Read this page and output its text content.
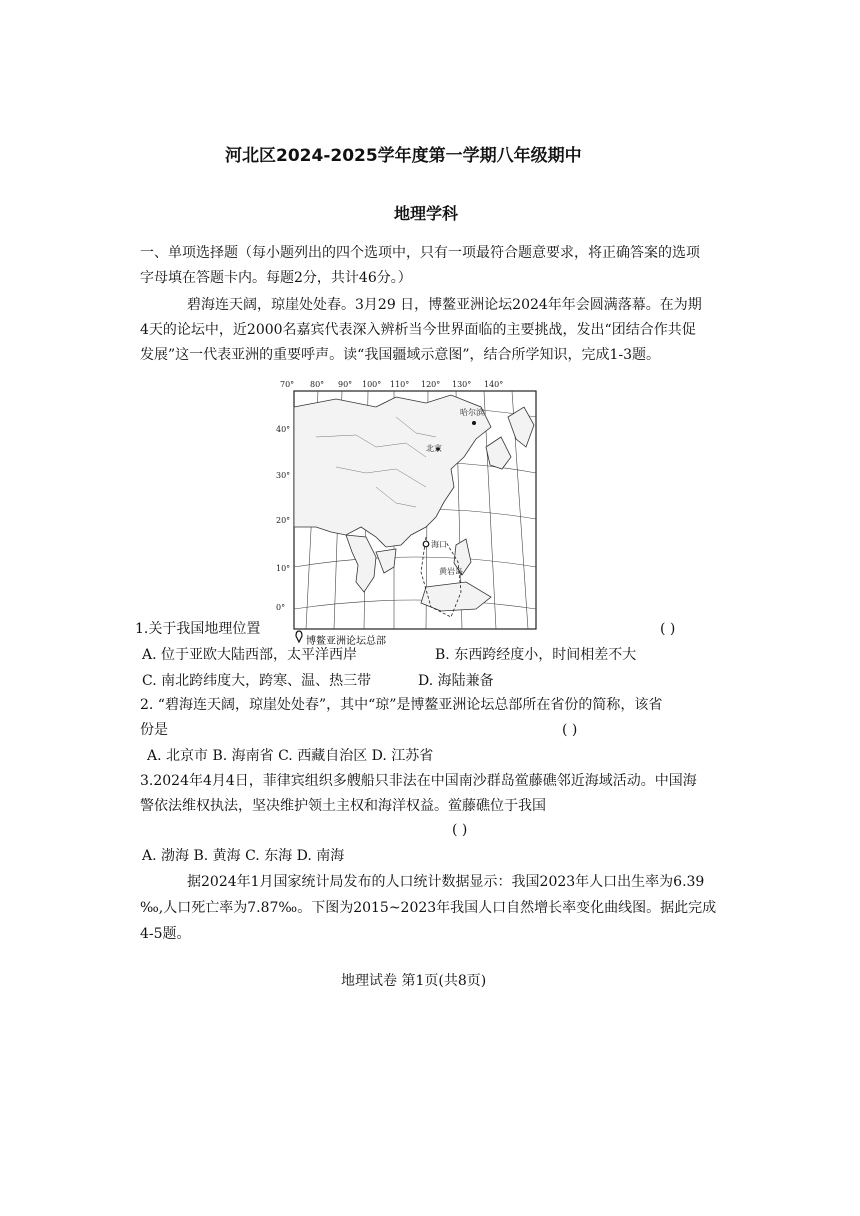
河北区2024-2025学年度第一学期八年级期中
地理学科
一、单项选择题（每小题列出的四个选项中，只有一项最符合题意要求，将正确答案的选项
字母填在答题卡内。每题2分，共计46分。）
碧海连天阔，琼崖处处春。3月29 日，博鳌亚洲论坛2024年年会圆满落幕。在为期
4天的论坛中，近2000名嘉宾代表深入辨析当今世界面临的主要挑战，发出“团结合作共促
发展”这一代表亚洲的重要呼声。读“我国疆域示意图”，结合所学知识，完成1-3题。
70° 80° 90° 100° 110° 120° 130° 140°
40°
30°
20°
10°
0°
哈尔滨
北京
海口
黄岩岛
博鳌亚洲论坛总部
1.关于我国地理位置	( )
A. 位于亚欧大陆西部，太平洋西岸	B. 东西跨经度小，时间相差不大
C. 南北跨纬度大，跨寒、温、热三带	D. 海陆兼备
2. “碧海连天阔，琼崖处处春”，其中“琼”是博鳌亚洲论坛总部所在省份的简称，该省
份是	( )
A. 北京市 B. 海南省 C. 西藏自治区 D. 江苏省
3.2024年4月4日，菲律宾组织多艘船只非法在中国南沙群岛鲎藤礁邻近海域活动。中国海
警依法维权执法，坚决维护领土主权和海洋权益。鲎藤礁位于我国
( )
A. 渤海 B. 黄海 C. 东海 D. 南海
据2024年1月国家统计局发布的人口统计数据显示：我国2023年人口出生率为6.39
‰,人口死亡率为7.87‰。下图为2015~2023年我国人口自然增长率变化曲线图。据此完成
4-5题。
地理试卷 第1页(共8页)
